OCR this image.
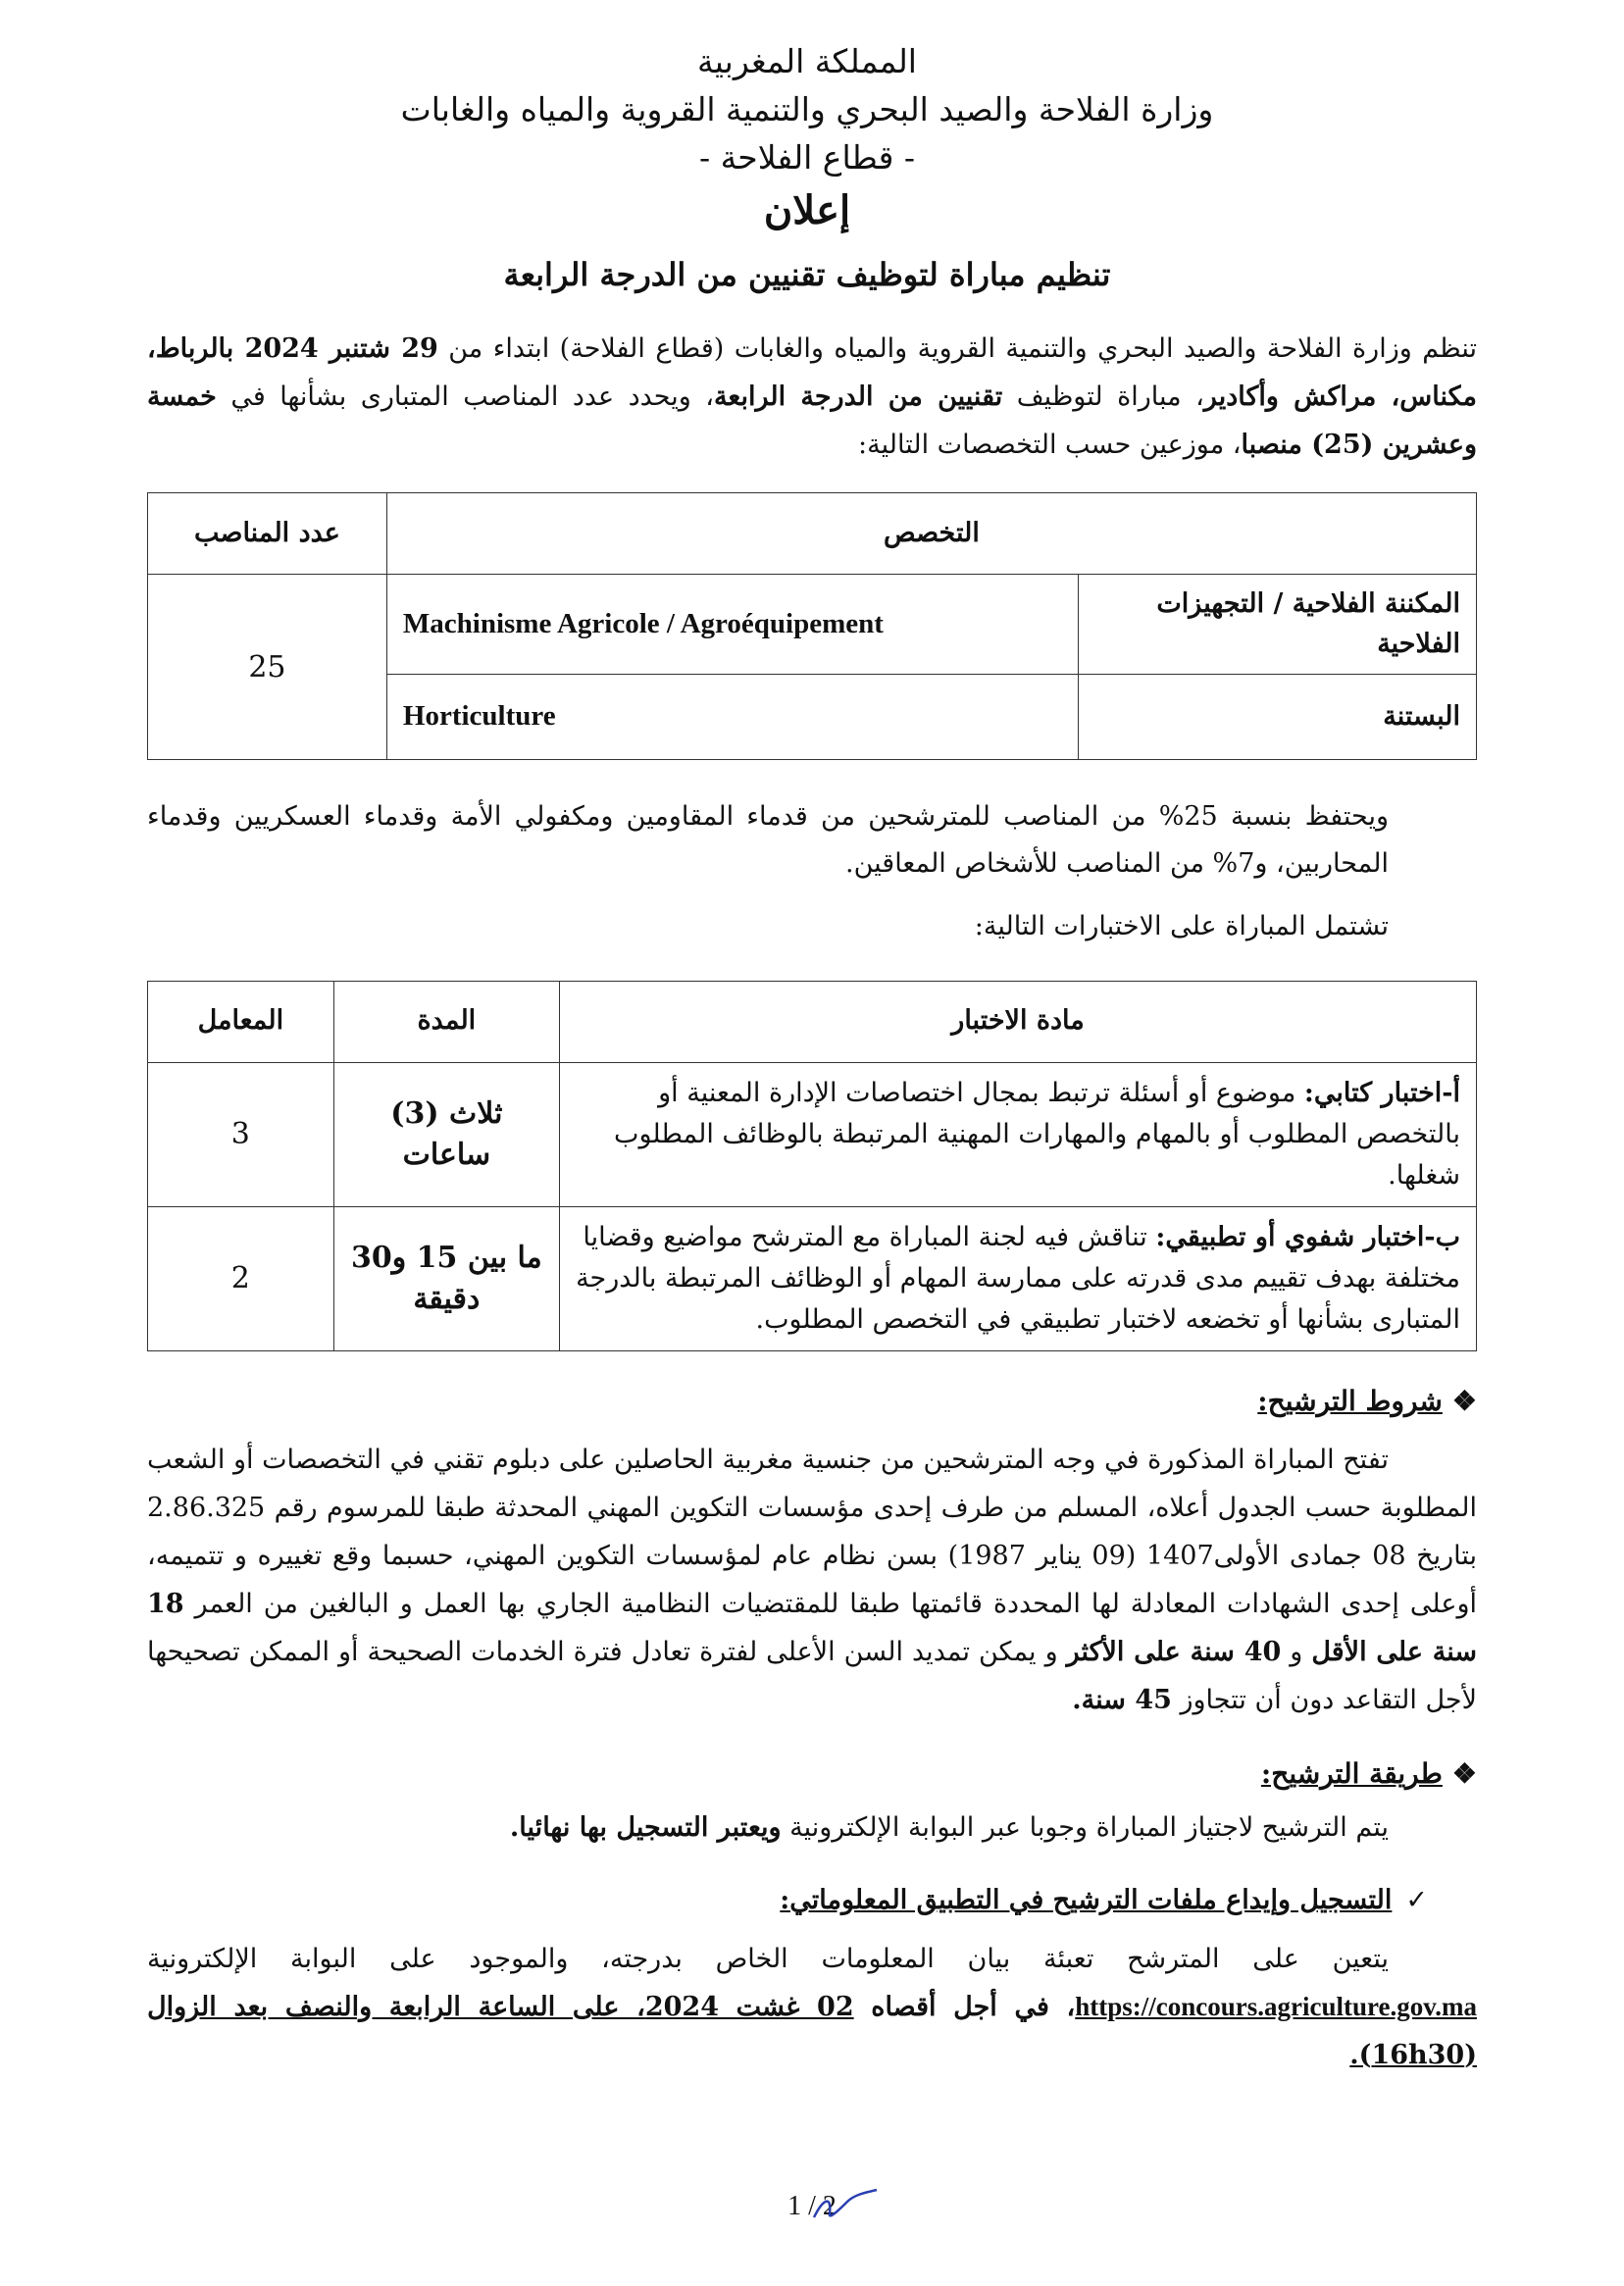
المملكة المغربية
وزارة الفلاحة والصيد البحري والتنمية القروية والمياه والغابات
- قطاع الفلاحة -
إعلان
تنظيم مباراة لتوظيف تقنيين من الدرجة الرابعة

تنظم وزارة الفلاحة والصيد البحري والتنمية القروية والمياه والغابات (قطاع الفلاحة) ابتداء من 29 شتنبر 2024 بالرباط، مكناس، مراكش وأكادير، مباراة لتوظيف تقنيين من الدرجة الرابعة، ويحدد عدد المناصب المتبارى بشأنها في خمسة وعشرين (25) منصبا، موزعين حسب التخصصات التالية:

التخصص		عدد المناصب
المكننة الفلاحية / التجهيزات الفلاحية	Machinisme Agricole / Agroéquipement	25
البستنة	Horticulture	

ويحتفظ بنسبة 25% من المناصب للمترشحين من قدماء المقاومين ومكفولي الأمة وقدماء العسكريين وقدماء المحاربين، و7% من المناصب للأشخاص المعاقين.

تشتمل المباراة على الاختبارات التالية:

مادة الاختبار	المدة	المعامل
أ-اختبار كتابي: موضوع أو أسئلة ترتبط بمجال اختصاصات الإدارة المعنية أو بالتخصص المطلوب أو بالمهام والمهارات المهنية المرتبطة بالوظائف المطلوب شغلها.	ثلاث (3) ساعات	3
ب-اختبار شفوي أو تطبيقي: تناقش فيه لجنة المباراة مع المترشح مواضيع وقضايا مختلفة بهدف تقييم مدى قدرته على ممارسة المهام أو الوظائف المرتبطة بالدرجة المتبارى بشأنها أو تخضعه لاختبار تطبيقي في التخصص المطلوب.	ما بين 15 و30 دقيقة	2
❖شروط الترشيح:

تفتح المباراة المذكورة في وجه المترشحين من جنسية مغربية الحاصلين على دبلوم تقني في التخصصات أو الشعب المطلوبة حسب الجدول أعلاه، المسلم من طرف إحدى مؤسسات التكوين المهني المحدثة طبقا للمرسوم رقم 2.86.325 بتاريخ 08 جمادى الأولى1407 (09 يناير 1987) بسن نظام عام لمؤسسات التكوين المهني، حسبما وقع تغييره و تتميمه، أوعلى إحدى الشهادات المعادلة لها المحددة قائمتها طبقا للمقتضيات النظامية الجاري بها العمل و البالغين من العمر 18 سنة على الأقل و 40 سنة على الأكثر و يمكن تمديد السن الأعلى لفترة تعادل فترة الخدمات الصحيحة أو الممكن تصحيحها لأجل التقاعد دون أن تتجاوز 45 سنة.

❖طريقة الترشيح:

يتم الترشيح لاجتياز المباراة وجوبا عبر البوابة الإلكترونية ويعتبر التسجيل بها نهائيا.

✓التسجيل وإيداع ملفات الترشيح في التطبيق المعلوماتي:

يتعين على المترشح تعبئة بيان المعلومات الخاص بدرجته، والموجود على البوابة الإلكترونية https://concours.agriculture.gov.ma، في أجل أقصاه 02 غشت 2024، على الساعة الرابعة والنصف بعد الزوال (16h30).

1 / 2
